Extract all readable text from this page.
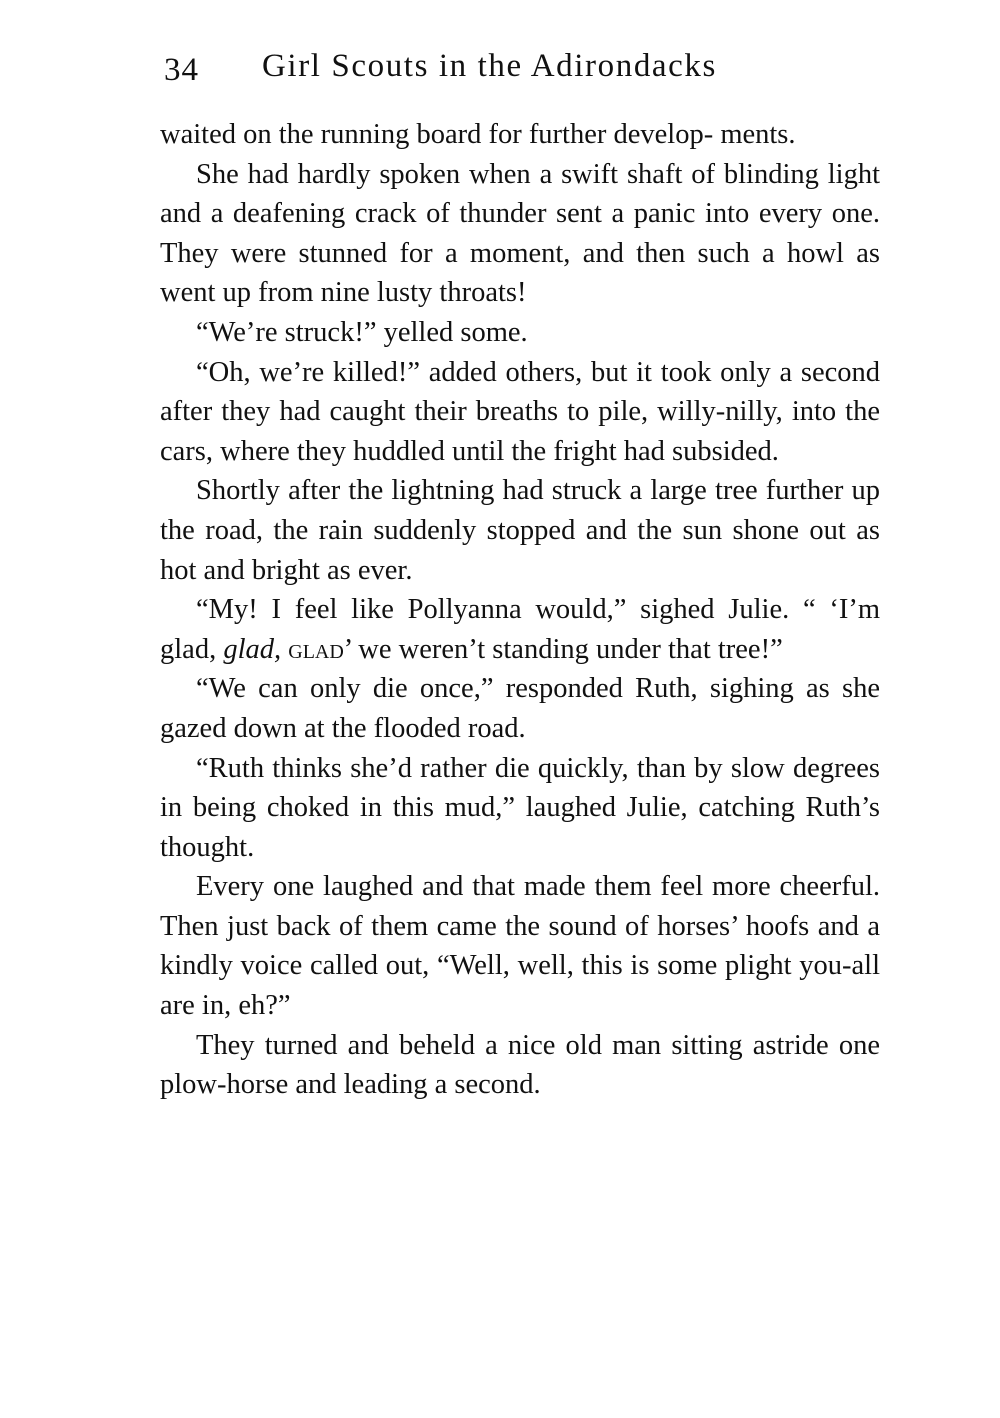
34 Girl Scouts in the Adirondacks

waited on the running board for further develop- ments.

She had hardly spoken when a swift shaft of blinding light and a deafening crack of thunder sent a panic into every one. They were stunned for a moment, and then such a howl as went up from nine lusty throats!

“We’re struck!” yelled some.

“Oh, we’re killed!” added others, but it took only a second after they had caught their breaths to pile, willy-nilly, into the cars, where they huddled until the fright had subsided.

Shortly after the lightning had struck a large tree further up the road, the rain suddenly stopped and the sun shone out as hot and bright as ever.

“My! I feel like Pollyanna would,” sighed Julie. “ ‘I’m glad, glad, glad’ we weren’t standing under that tree!”

“We can only die once,” responded Ruth, sighing as she gazed down at the flooded road.

“Ruth thinks she’d rather die quickly, than by slow degrees in being choked in this mud,” laughed Julie, catching Ruth’s thought.

Every one laughed and that made them feel more cheerful. Then just back of them came the sound of horses’ hoofs and a kindly voice called out, “Well, well, this is some plight you-all are in, eh?”

They turned and beheld a nice old man sitting astride one plow-horse and leading a second.
